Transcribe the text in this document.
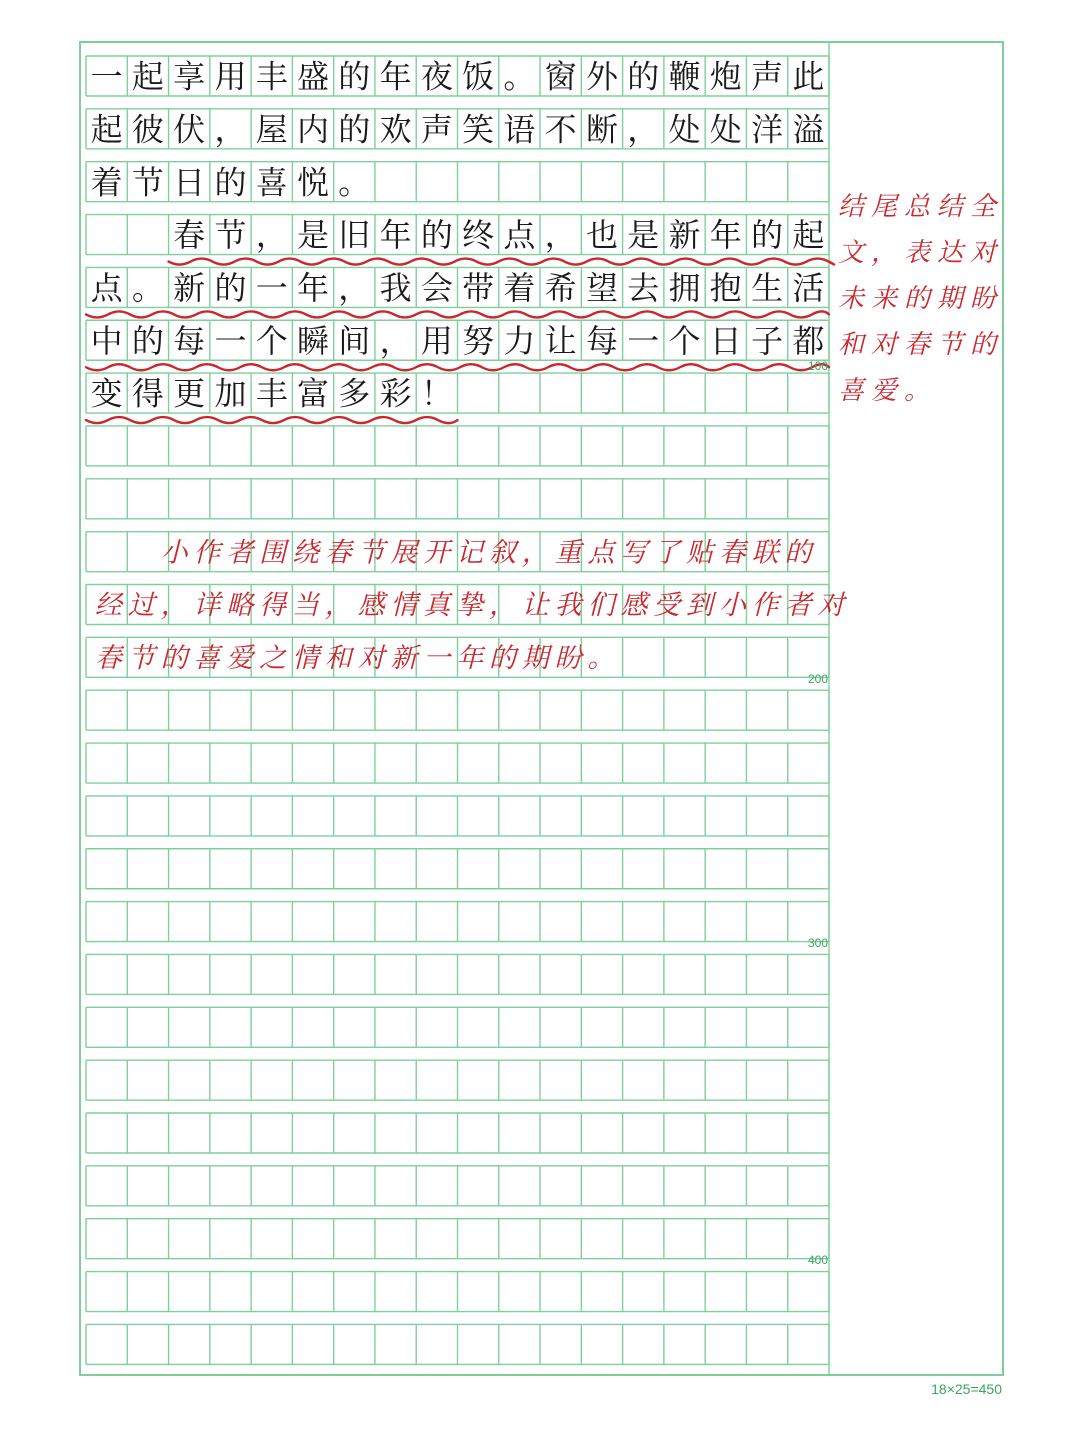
一 起 享 用 丰 盛 的 年 夜 饭 。 窗 外 的 鞭 炮 声 此
起 彼 伏 ， 屋 内 的 欢 声 笑 语 不 断 ， 处 处 洋 溢
着 节 日 的 喜 悦 。
春 节 ， 是 旧 年 的 终 点 ， 也 是 新 年 的 起
点 。 新 的 一 年 ， 我 会 带 着 希 望 去 拥 抱 生 活
中 的 每 一 个 瞬 间 ， 用 努 力 让 每 一 个 日 子 都
变 得 更 加 丰 富 多 彩 ！
结 尾 总 结 全
文 ， 表 达 对
未 来 的 期 盼
和 对 春 节 的
喜 爱 。
小 作 者 围 绕 春 节 展 开 记 叙 ， 重 点 写 了 贴 春 联 的
经 过 ， 详 略 得 当 ， 感 情 真 挚 ， 让 我 们 感 受 到 小 作 者 对
春 节 的 喜 爱 之 情 和 对 新 一 年 的 期 盼 。
100
200
300
400
18×25=450
